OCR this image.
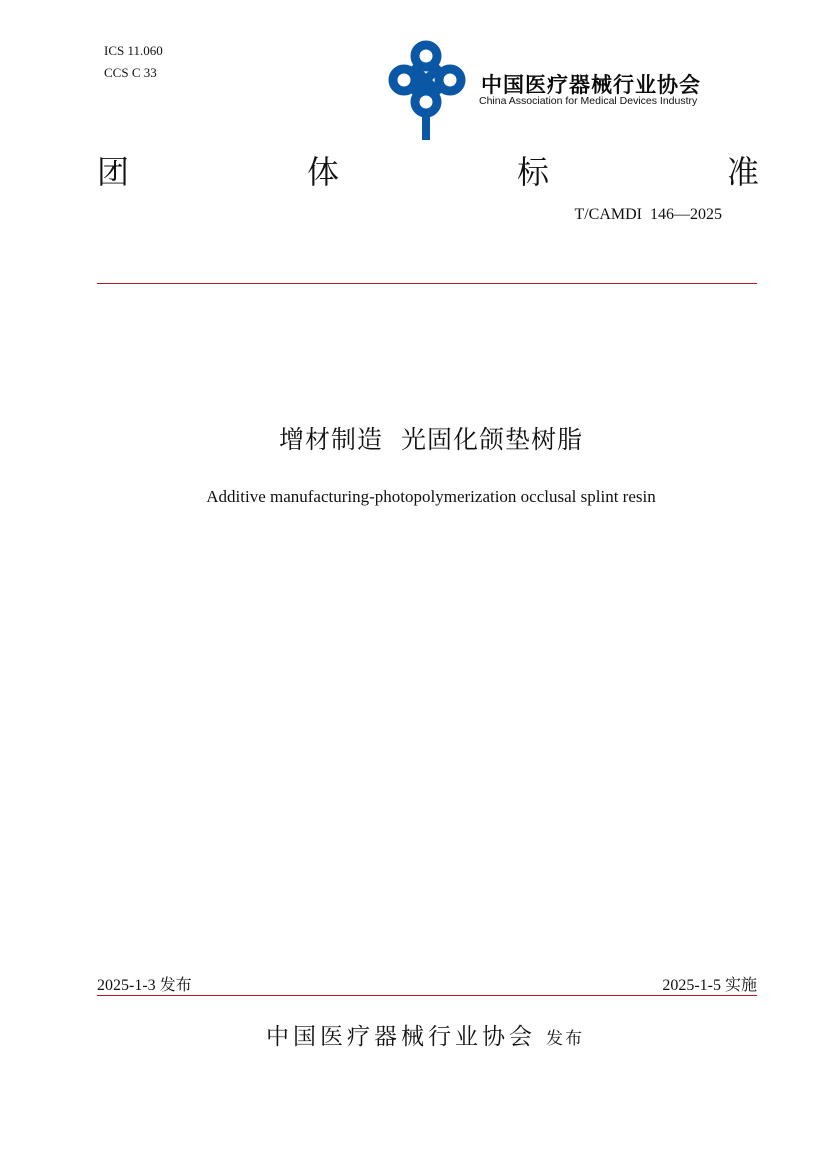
ICS 11.060
CCS C 33
中国医疗器械行业协会
China Association for Medical Devices Industry
团	体	标	准
T/CAMDI  146—2025
增材制造  光固化颌垫树脂
Additive manufacturing-photopolymerization occlusal splint resin
2025-1-3 发布	2025-1-5 实施
中国医疗器械行业协会 发布
